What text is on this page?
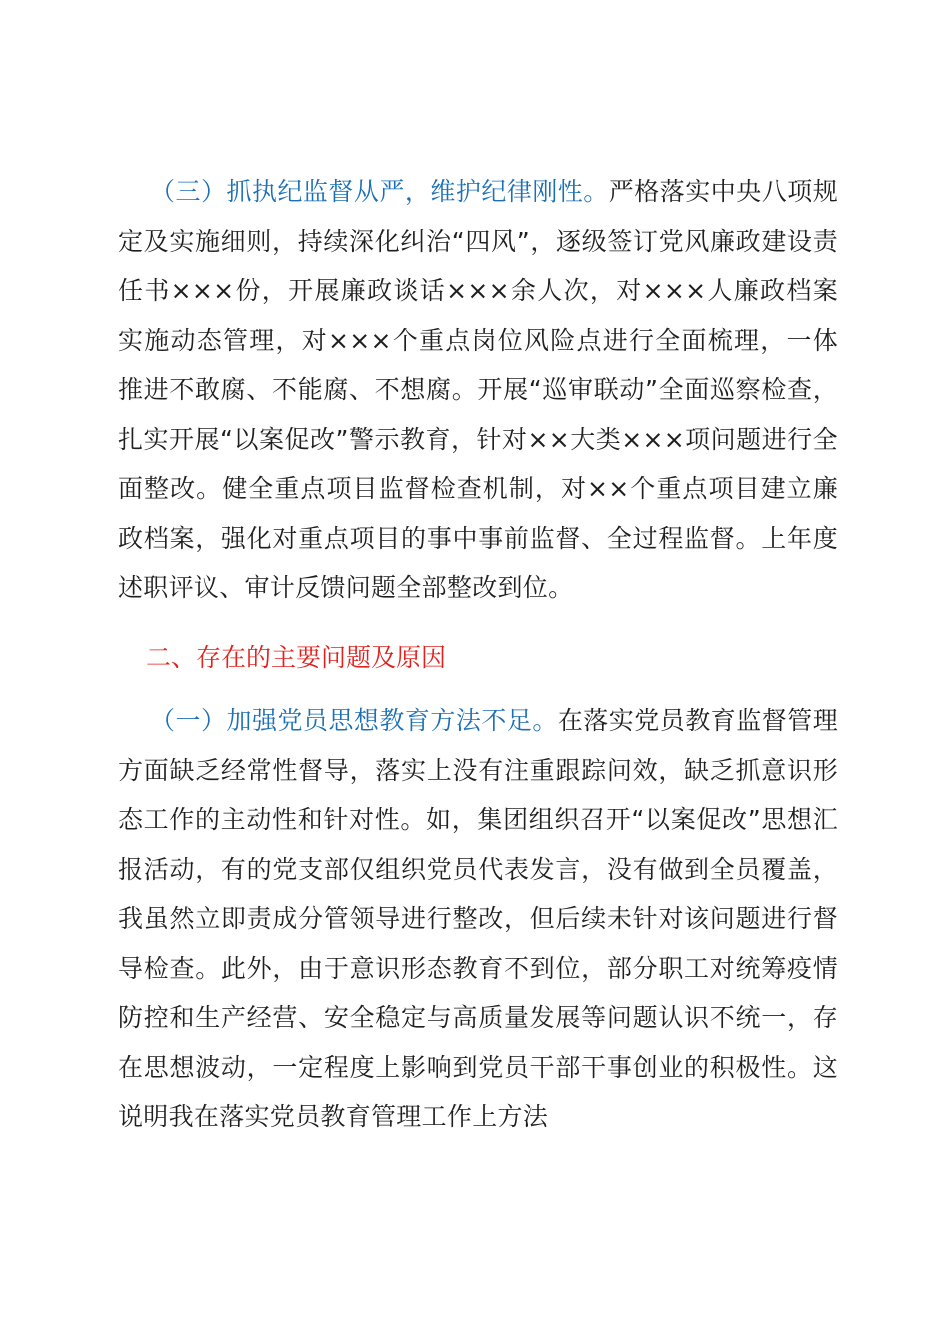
（三）抓执纪监督从严，维护纪律刚性。严格落实中央八项规定及实施细则，持续深化纠治“四风”，逐级签订党风廉政建设责任书×××份，开展廉政谈话×××余人次，对×××人廉政档案实施动态管理，对×××个重点岗位风险点进行全面梳理，一体推进不敢腐、不能腐、不想腐。开展“巡审联动”全面巡察检查，扎实开展“以案促改”警示教育，针对××大类×××项问题进行全面整改。健全重点项目监督检查机制，对××个重点项目建立廉政档案，强化对重点项目的事中事前监督、全过程监督。上年度述职评议、审计反馈问题全部整改到位。

二、存在的主要问题及原因

（一）加强党员思想教育方法不足。在落实党员教育监督管理方面缺乏经常性督导，落实上没有注重跟踪问效，缺乏抓意识形态工作的主动性和针对性。如，集团组织召开“以案促改”思想汇报活动，有的党支部仅组织党员代表发言，没有做到全员覆盖，我虽然立即责成分管领导进行整改，但后续未针对该问题进行督导检查。此外，由于意识形态教育不到位，部分职工对统筹疫情防控和生产经营、安全稳定与高质量发展等问题认识不统一，存在思想波动，一定程度上影响到党员干部干事创业的积极性。这说明我在落实党员教育管理工作上方法
